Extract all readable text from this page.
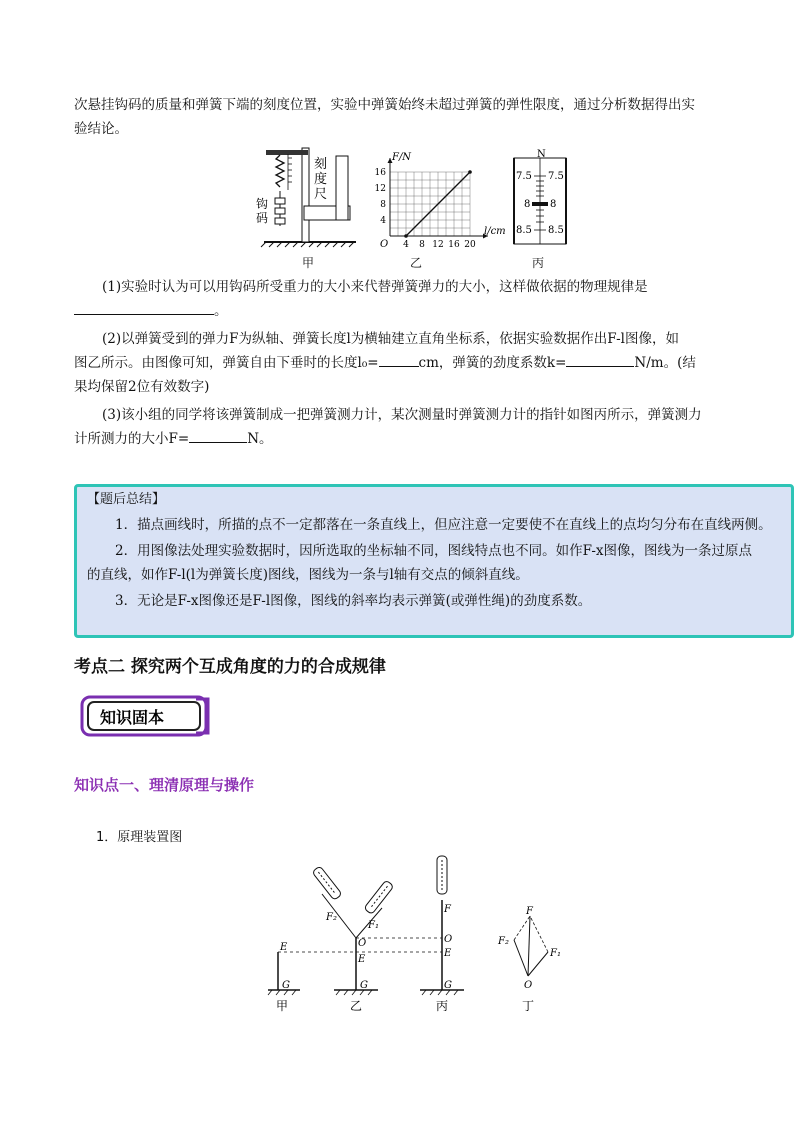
次悬挂钩码的质量和弹簧下端的刻度位置，实验中弹簧始终未超过弹簧的弹性限度，通过分析数据得出实
验结论。
刻
度
尺
钩
码
甲
O
4
8
12
16
4 8 12 16 20
F/N
l/cm
乙
N
7.5 7.5
8 8
8.5 8.5
丙
(1)实验时认为可以用钩码所受重力的大小来代替弹簧弹力的大小，这样做依据的物理规律是
。
(2)以弹簧受到的弹力F为纵轴、弹簧长度l为横轴建立直角坐标系，依据实验数据作出F-l图像，如
图乙所示。由图像可知，弹簧自由下垂时的长度l₀=	cm，弹簧的劲度系数k=	N/m。(结
果均保留2位有效数字)
(3)该小组的同学将该弹簧制成一把弹簧测力计，某次测量时弹簧测力计的指针如图丙所示，弹簧测力
计所测力的大小F=	N。
【题后总结】
1．描点画线时，所描的点不一定都落在一条直线上，但应注意一定要使不在直线上的点均匀分布在直线两侧。
2．用图像法处理实验数据时，因所选取的坐标轴不同，图线特点也不同。如作F-x图像，图线为一条过原点
的直线，如作F-l(l为弹簧长度)图线，图线为一条与l轴有交点的倾斜直线。
3．无论是F-x图像还是F-l图像，图线的斜率均表示弹簧(或弹性绳)的劲度系数。
考点二 探究两个互成角度的力的合成规律
知识固本
知识点一、理清原理与操作
1．原理装置图
E
G
F₂
F₁
O
E
G
F
O
E
G
F
F₂
F₁
O
甲	乙	丙	丁
